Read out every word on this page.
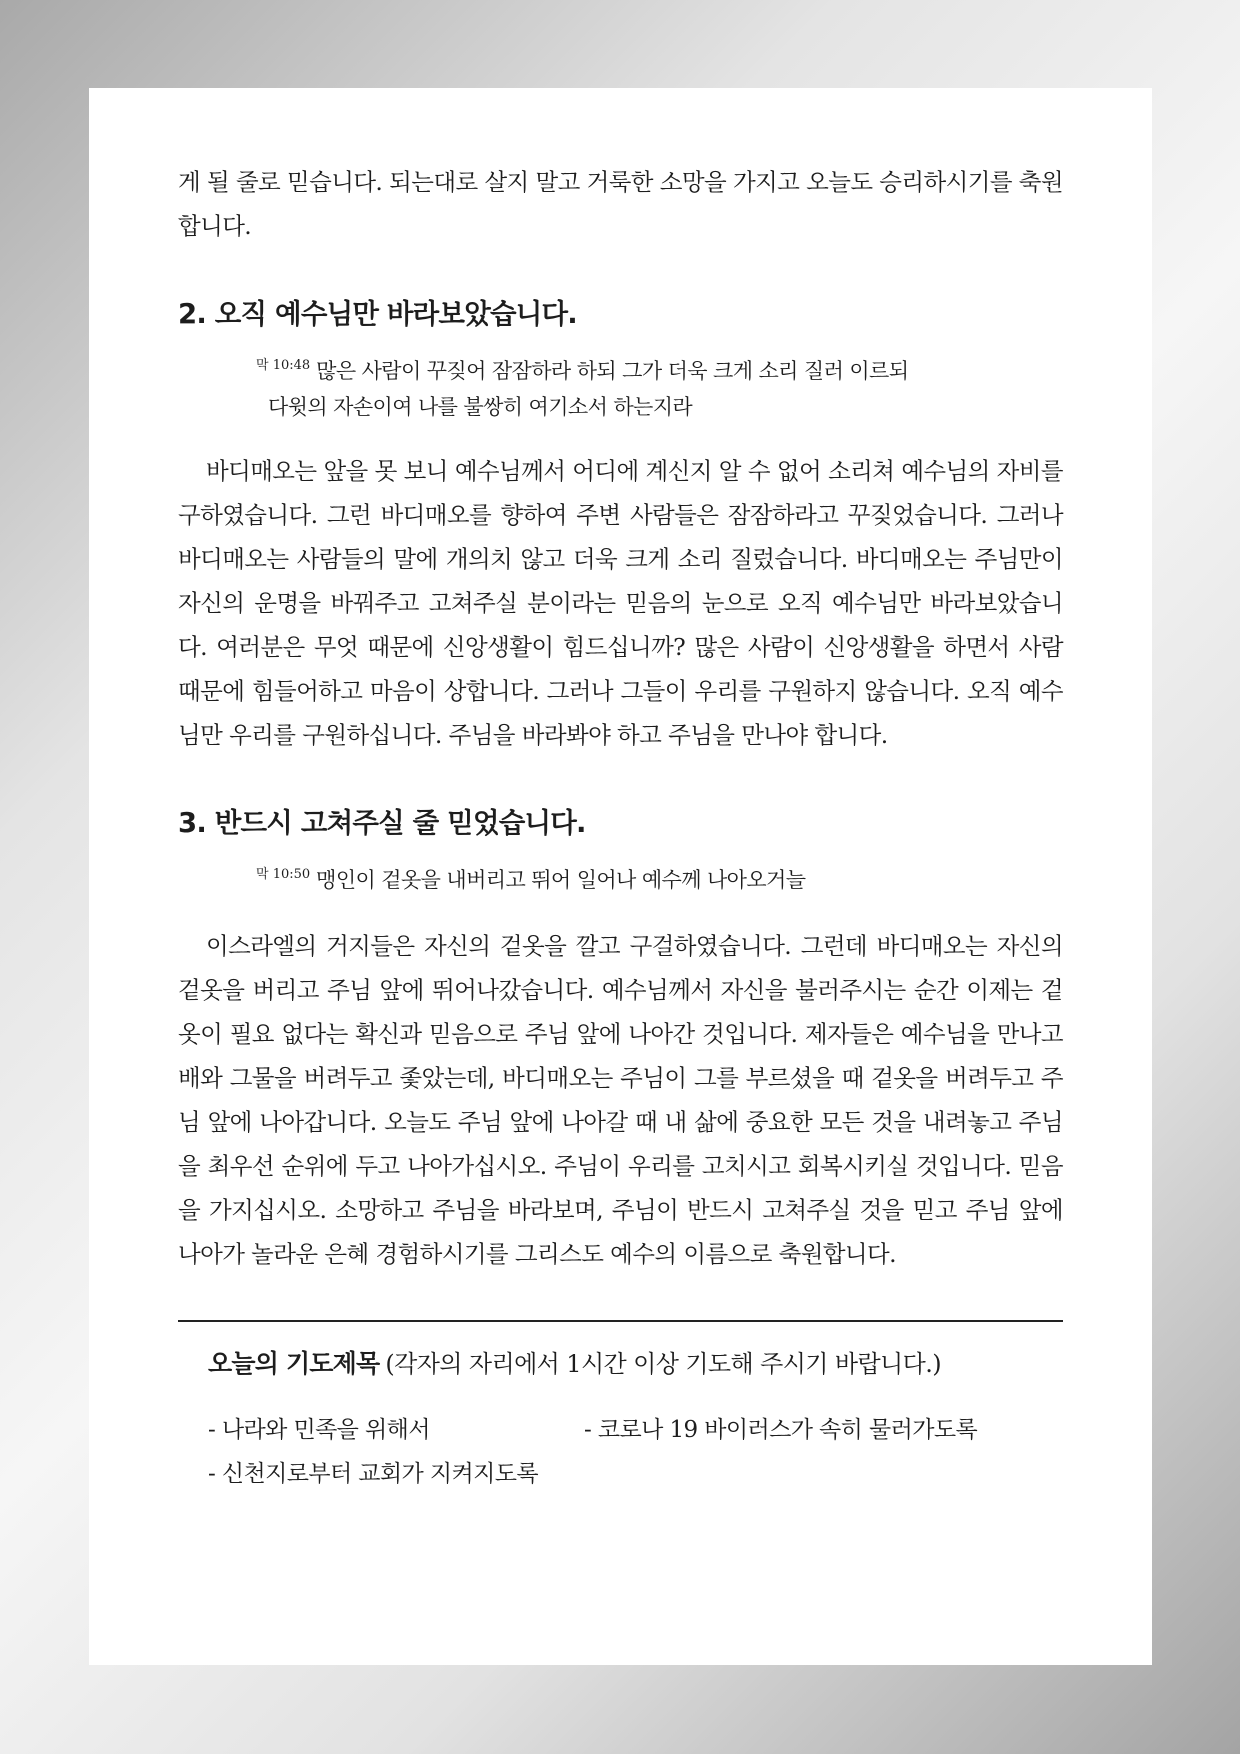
게 될 줄로 믿습니다. 되는대로 살지 말고 거룩한 소망을 가지고 오늘도 승리하시기를 축원합니다.

2. 오직 예수님만 바라보았습니다.
$^{막 10:48}$ 많은 사람이 꾸짖어 잠잠하라 하되 그가 더욱 크게 소리 질러 이르되
다윗의 자손이여 나를 불쌍히 여기소서 하는지라

바디매오는 앞을 못 보니 예수님께서 어디에 계신지 알 수 없어 소리쳐 예수님의 자비를 구하였습니다. 그런 바디매오를 향하여 주변 사람들은 잠잠하라고 꾸짖었습니다. 그러나 바디매오는 사람들의 말에 개의치 않고 더욱 크게 소리 질렀습니다. 바디매오는 주님만이 자신의 운명을 바꿔주고 고쳐주실 분이라는 믿음의 눈으로 오직 예수님만 바라보았습니다. 여러분은 무엇 때문에 신앙생활이 힘드십니까? 많은 사람이 신앙생활을 하면서 사람 때문에 힘들어하고 마음이 상합니다. 그러나 그들이 우리를 구원하지 않습니다. 오직 예수님만 우리를 구원하십니다. 주님을 바라봐야 하고 주님을 만나야 합니다.

3. 반드시 고쳐주실 줄 믿었습니다.
$^{막 10:50}$ 맹인이 겉옷을 내버리고 뛰어 일어나 예수께 나아오거늘

이스라엘의 거지들은 자신의 겉옷을 깔고 구걸하였습니다. 그런데 바디매오는 자신의 겉옷을 버리고 주님 앞에 뛰어나갔습니다. 예수님께서 자신을 불러주시는 순간 이제는 겉옷이 필요 없다는 확신과 믿음으로 주님 앞에 나아간 것입니다. 제자들은 예수님을 만나고 배와 그물을 버려두고 좇았는데, 바디매오는 주님이 그를 부르셨을 때 겉옷을 버려두고 주님 앞에 나아갑니다. 오늘도 주님 앞에 나아갈 때 내 삶에 중요한 모든 것을 내려놓고 주님을 최우선 순위에 두고 나아가십시오. 주님이 우리를 고치시고 회복시키실 것입니다. 믿음을 가지십시오. 소망하고 주님을 바라보며, 주님이 반드시 고쳐주실 것을 믿고 주님 앞에 나아가 놀라운 은혜 경험하시기를 그리스도 예수의 이름으로 축원합니다.

오늘의 기도제목 (각자의 자리에서 1시간 이상 기도해 주시기 바랍니다.)
- 나라와 민족을 위해서	- 코로나 19 바이러스가 속히 물러가도록
- 신천지로부터 교회가 지켜지도록
